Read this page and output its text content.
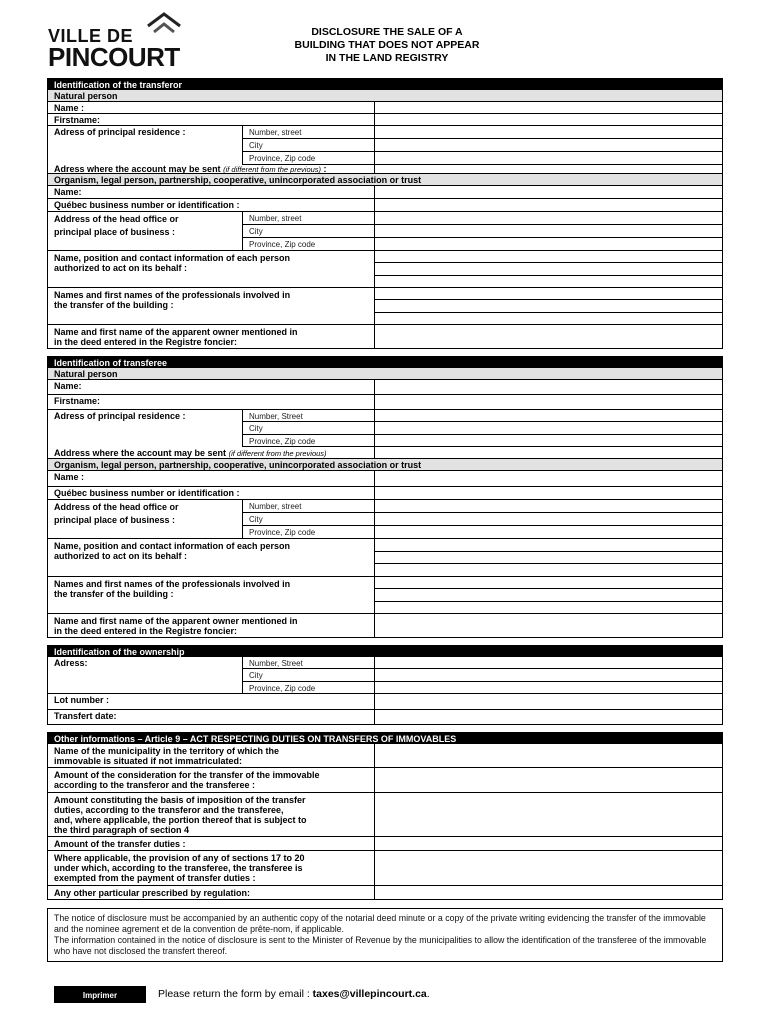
VILLE DE
PINCOURT
DISCLOSURE THE SALE OF A
BUILDING THAT DOES NOT APPEAR
IN THE LAND REGISTRY
Identification of the transferor
Natural person
Name :
Firstname:
Adress of principal residence :	Number, street
City
Province, Zip code
Adress where the account may be sent (if different from the previous) :
Organism, legal person, partnership, cooperative, unincorporated association or trust
Name:
Québec business number or identification :
Address of the head office or
principal place of business :
Number, street
City
Province, Zip code
Name, position and contact information of each person
authorized to act on its behalf :
Names and first names of the professionals involved in
the transfer of the building :
Name and first name of the apparent owner mentioned in
in the deed entered in the Registre foncier:
Identification of transferee
Natural person
Name:
Firstname:
Adress of principal residence :	Number, Street
City
Province, Zip code
Address where the account may be sent (if different from the previous)
Organism, legal person, partnership, cooperative, unincorporated association or trust
Name :
Québec business number or identification :
Address of the head office or
principal place of business :
Number, street
City
Province, Zip code
Name, position and contact information of each person
authorized to act on its behalf :
Names and first names of the professionals involved in
the transfer of the building :
Name and first name of the apparent owner mentioned in
in the deed entered in the Registre foncier:
Identification of the ownership
Adress:	Number, Street
City
Province, Zip code
Lot number :
Transfert date:
Other informations – Article 9 – ACT RESPECTING DUTIES ON TRANSFERS OF IMMOVABLES
Name of the municipality in the territory of which the
immovable is situated if not immatriculated:
Amount of the consideration for the transfer of the immovable
according to the transferor and the transferee :
Amount constituting the basis of imposition of the transfer
duties, according to the transferor and the transferee,
and, where applicable, the portion thereof that is subject to
the third paragraph of section 4
Amount of the transfer duties :
Where applicable, the provision of any of sections 17 to 20
under which, according to the transferee, the transferee is
exempted from the payment of transfer duties :
Any other particular prescribed by regulation:
The notice of disclosure must be accompanied by an authentic copy of the notarial deed minute or a copy of the private writing evidencing the transfer of the immovable and the nominee agrement et de la convention de prête-nom, if applicable.
The information contained in the notice of disclosure is sent to the Minister of Revenue by the municipalities to allow the identification of the transferee of the immovable who have not disclosed the transfert thereof.
Imprimer	Please return the form by email : taxes@villepincourt.ca.
